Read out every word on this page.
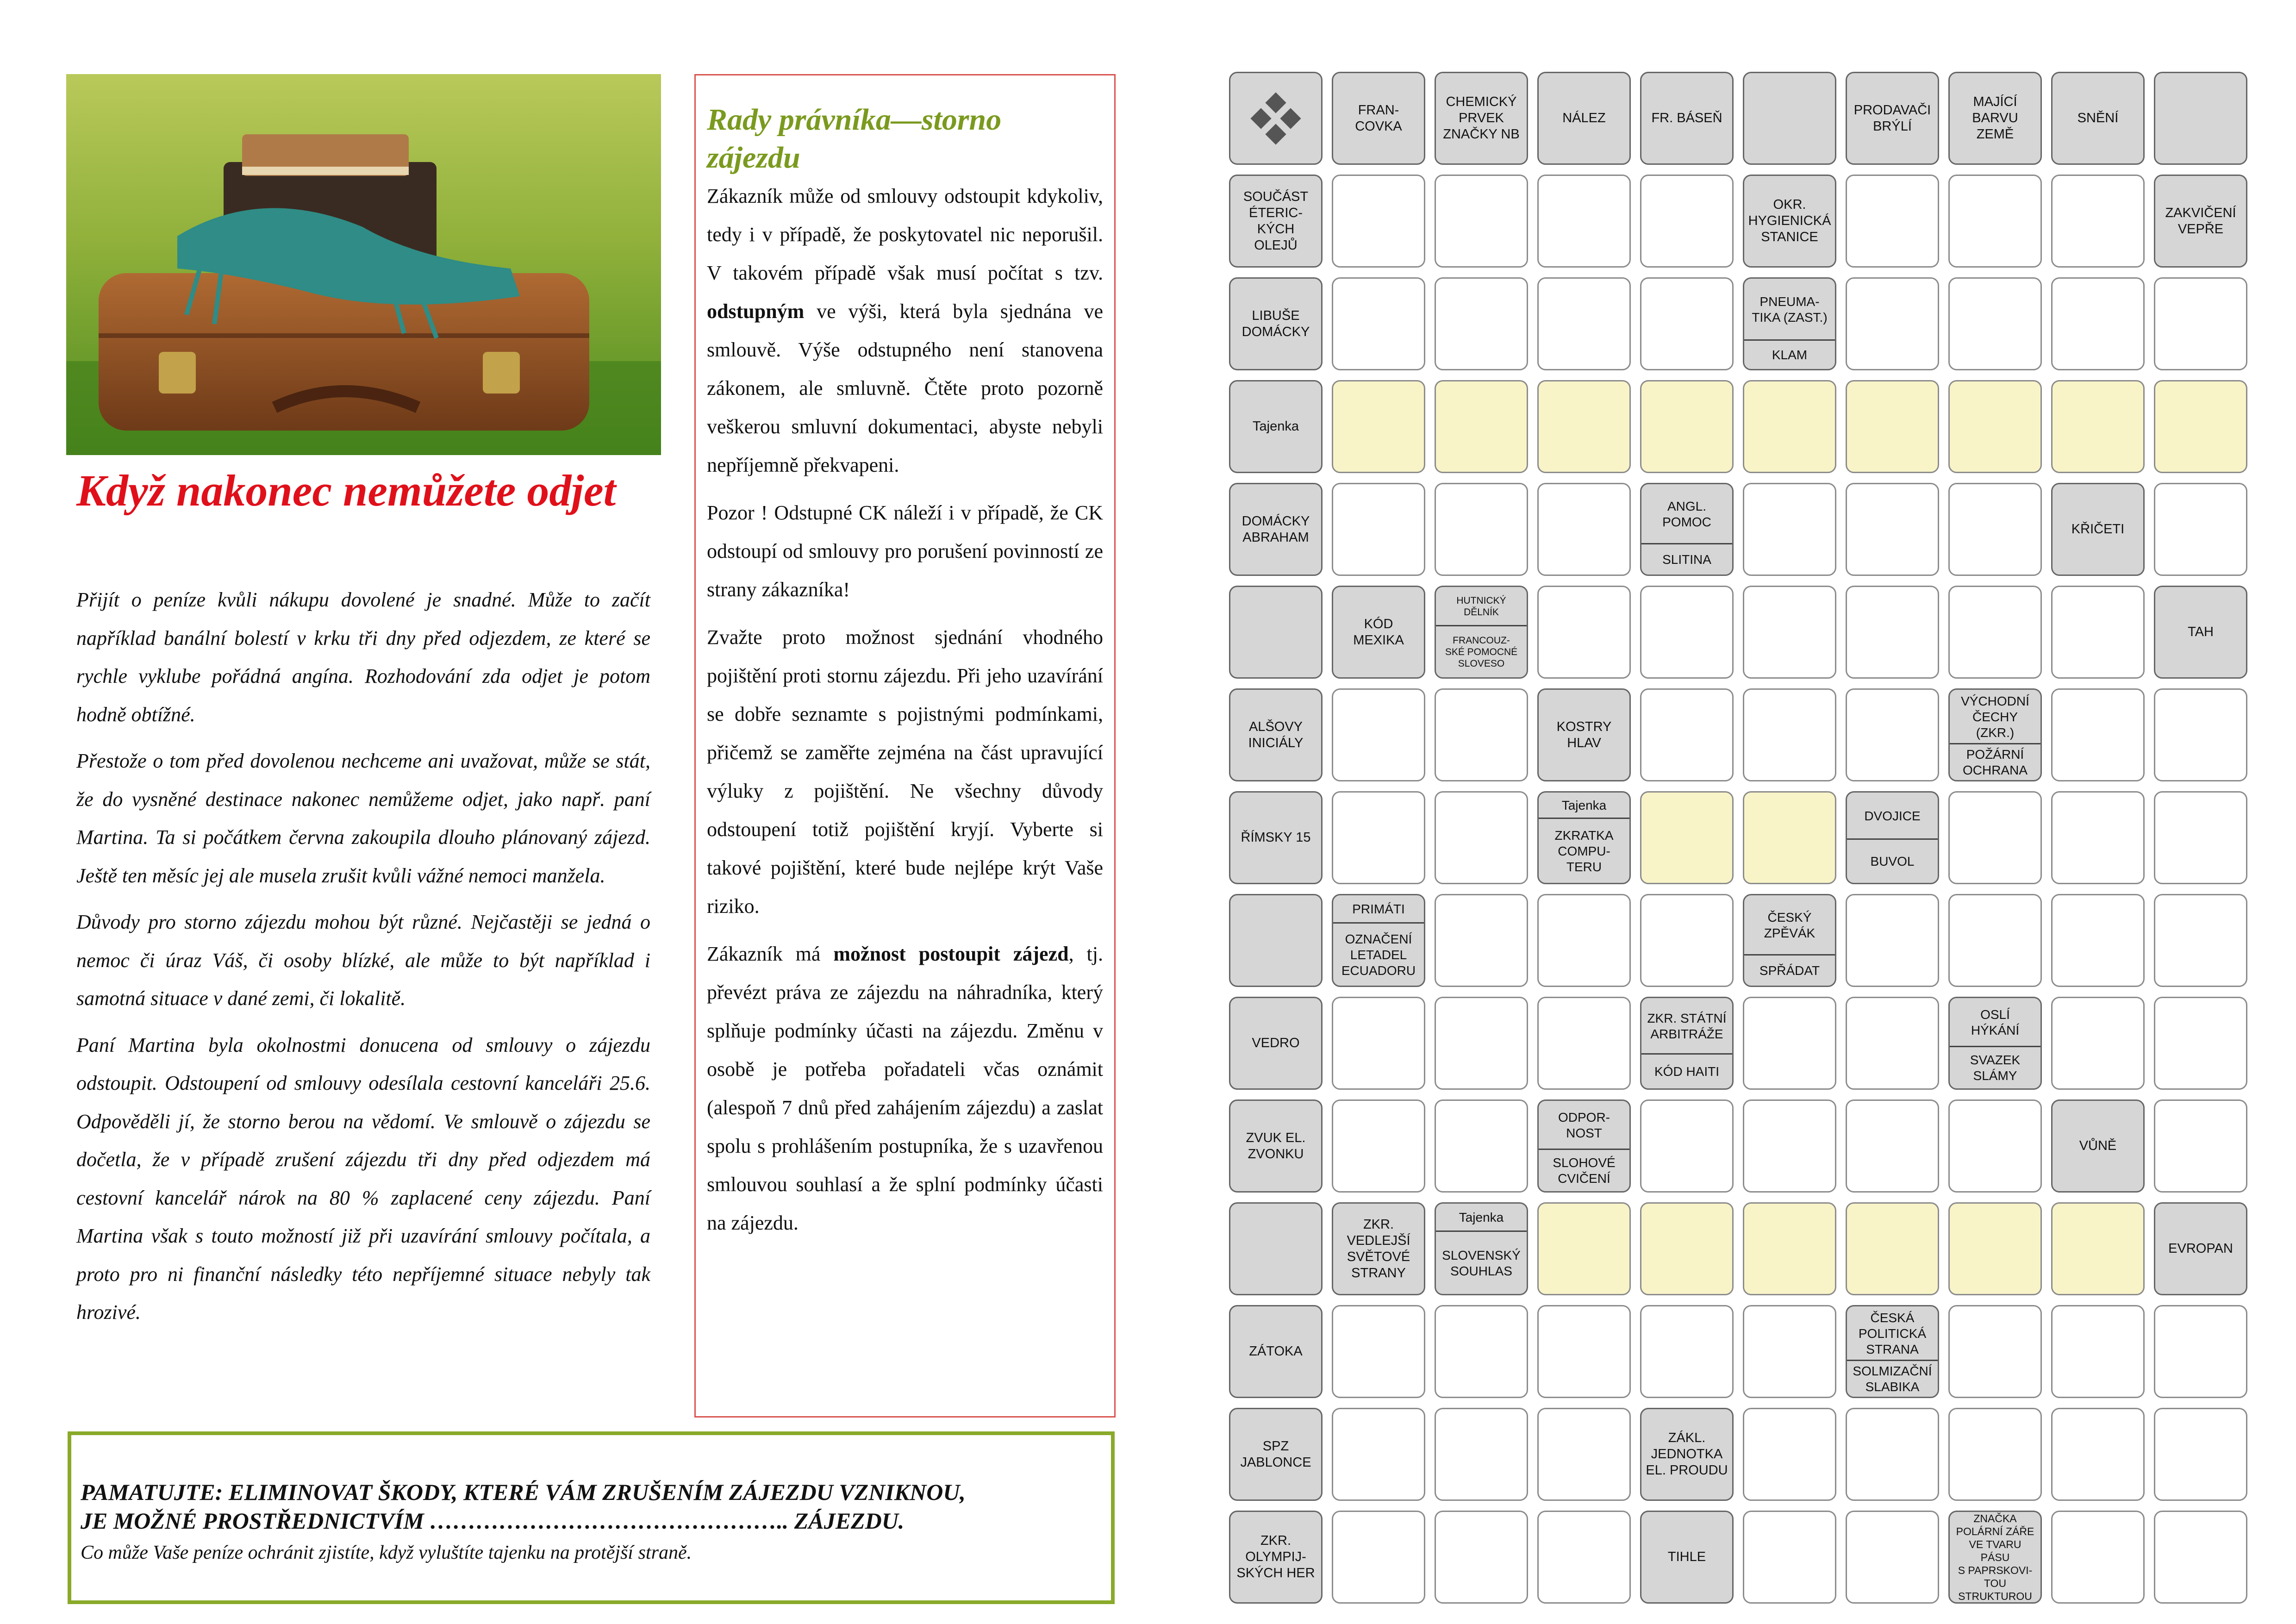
Když nakonec nemůžete odjet

Přijít o peníze kvůli nákupu dovolené je snadné. Může to začít například banální bolestí v krku tři dny před odjezdem, ze které se rychle vyklube pořádná angína. Rozhodování zda odjet je potom hodně obtížné.

Přestože o tom před dovolenou nechceme ani uvažovat, může se stát, že do vysněné destinace nakonec nemůžeme odjet, jako např. paní Martina. Ta si počátkem června zakoupila dlouho plánovaný zájezd. Ještě ten měsíc jej ale musela zrušit kvůli vážné nemoci manžela.

Důvody pro storno zájezdu mohou být různé. Nejčastěji se jedná o nemoc či úraz Váš, či osoby blízké, ale může to být například i samotná situace v dané zemi, či lokalitě.

Paní Martina byla okolnostmi donucena od smlouvy o zájezdu odstoupit. Odstoupení od smlouvy odesílala cestovní kanceláři 25.6. Odpověděli jí, že storno berou na vědomí. Ve smlouvě o zájezdu se dočetla, že v případě zrušení zájezdu tři dny před odjezdem má cestovní kancelář nárok na 80 % zaplacené ceny zájezdu. Paní Martina však s touto možností již při uzavírání smlouvy počítala, a proto pro ni finanční následky této nepříjemné situace nebyly tak hrozivé.

Rady právníka—storno zájezdu

Zákazník může od smlouvy odstoupit kdykoliv, tedy i v případě, že poskytovatel nic neporušil. V takovém případě však musí počítat s tzv. odstupným ve výši, která byla sjednána ve smlouvě. Výše odstupného není stanovena zákonem, ale smluvně. Čtěte proto pozorně veškerou smluvní dokumentaci, abyste nebyli nepříjemně překvapeni.

Pozor ! Odstupné CK náleží i v případě, že CK odstoupí od smlouvy pro porušení povinností ze strany zákazníka!

Zvažte proto možnost sjednání vhodného pojištění proti stornu zájezdu. Při jeho uzavírání se dobře seznamte s pojistnými podmínkami, přičemž se zaměřte zejména na část upravující výluky z pojištění. Ne všechny důvody odstoupení totiž pojištění kryjí. Vyberte si takové pojištění, které bude nejlépe krýt Vaše riziko.

Zákazník má možnost postoupit zájezd, tj. převézt práva ze zájezdu na náhradníka, který splňuje podmínky účasti na zájezdu. Změnu v osobě je potřeba pořadateli včas oznámit (alespoň 7 dnů před zahájením zájezdu) a zaslat spolu s prohlášením postupníka, že s uzavřenou smlouvou souhlasí a že splní podmínky účasti na zájezdu.

PAMATUJTE: ELIMINOVAT ŠKODY, KTERÉ VÁM ZRUŠENÍM ZÁJEZDU VZNIKNOU,
JE MOŽNÉ PROSTŘEDNICTVÍM ……………………………………….. ZÁJEZDU.
Co může Vaše peníze ochránit zjistíte, když vyluštíte tajenku na protější straně.
FRAN-
COVKA
CHEMICKÝ
PRVEK
ZNAČKY NB
NÁLEZ	FR. BÁSEŇ
PRODAVAČI
BRÝLÍ
MAJÍCÍ
BARVU
ZEMĚ
SNĚNÍ
SOUČÁST
ÉTERIC-
KÝCH
OLEJŮ
OKR.
HYGIENICKÁ
STANICE
ZAKVIČENÍ
VEPŘE
LIBUŠE
DOMÁCKY
PNEUMA-
TIKA (ZAST.)
KLAM
Tajenka
DOMÁCKY
ABRAHAM
ANGL.
POMOC
SLITINA
KŘIČETI
KÓD
MEXIKA
HUTNICKÝ
DĚLNÍK
FRANCOUZ-
SKÉ POMOCNÉ
SLOVESO
TAH
ALŠOVY
INICIÁLY
KOSTRY
HLAV
VÝCHODNÍ
ČECHY
(ZKR.)
POŽÁRNÍ
OCHRANA
ŘÍMSKY 15
Tajenka
ZKRATKA
COMPU-
TERU
DVOJICE
BUVOL
PRIMÁTI
OZNAČENÍ
LETADEL
ECUADORU
ČESKÝ
ZPĚVÁK
SPŘÁDAT
VEDRO
ZKR. STÁTNÍ
ARBITRÁŽE
KÓD HAITI
OSLÍ
HÝKÁNÍ
SVAZEK
SLÁMY
ZVUK EL.
ZVONKU
ODPOR-
NOST
SLOHOVÉ
CVIČENÍ
VŮNĚ
ZKR.
VEDLEJŠÍ
SVĚTOVÉ
STRANY
Tajenka
SLOVENSKÝ
SOUHLAS
EVROPAN
ZÁTOKA
ČESKÁ
POLITICKÁ
STRANA
SOLMIZAČNÍ
SLABIKA
SPZ
JABLONCE
ZÁKL.
JEDNOTKA
EL. PROUDU
ZKR.
OLYMPIJ-
SKÝCH HER
TIHLE
ZNAČKA
POLÁRNÍ ZÁŘE
VE TVARU
PÁSU
S PAPRSKOVI-
TOU
STRUKTUROU
